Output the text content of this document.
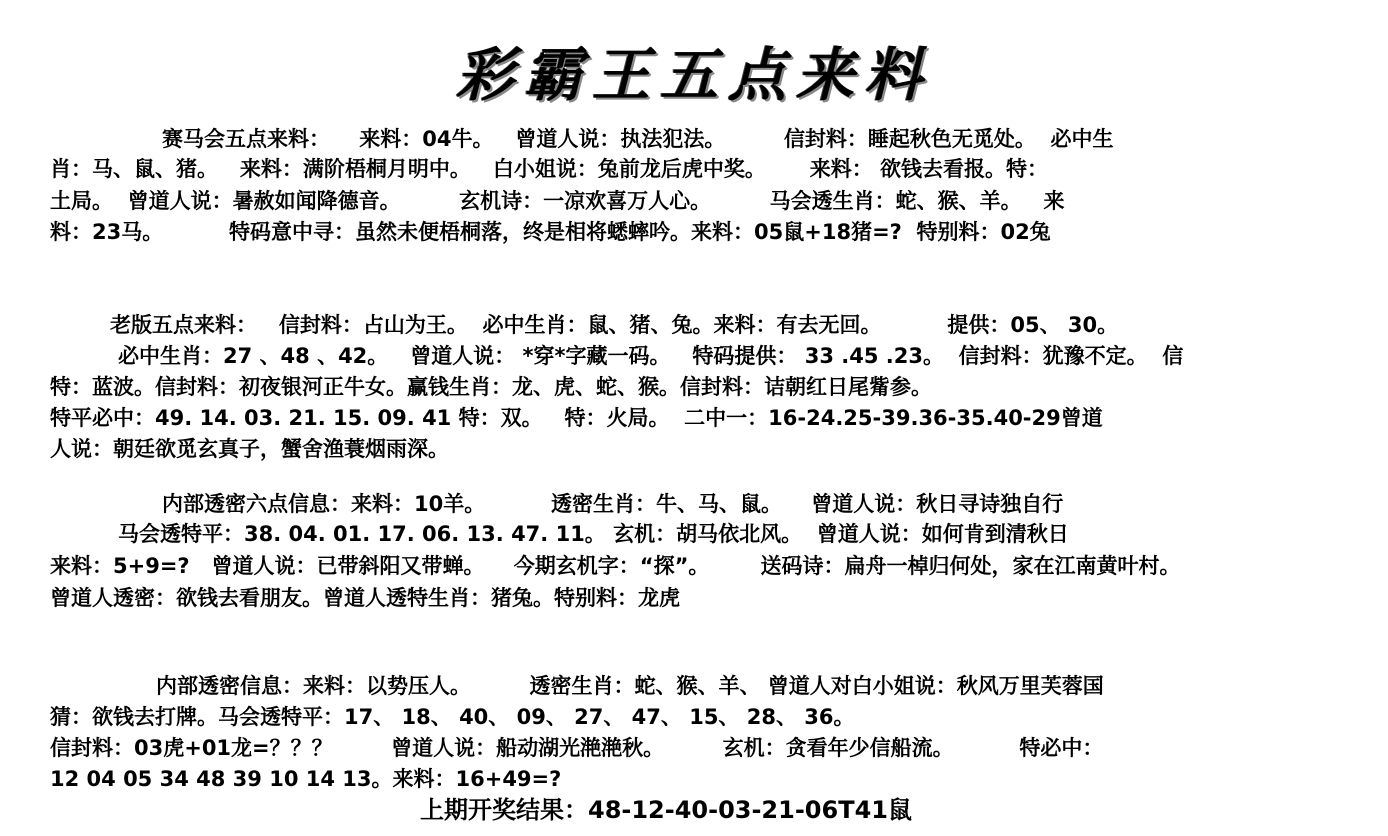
彩霸王五点来料
赛马会五点来料：    来料：04牛。   曾道人说：执法犯法。        信封料：睡起秋色无觅处。  必中生
肖：马、鼠、猪。   来料：满阶梧桐月明中。   白小姐说：兔前龙后虎中奖。      来料： 欲钱去看报。特：
土局。  曾道人说：暑赦如闻降德音。        玄机诗：一凉欢喜万人心。        马会透生肖：蛇、猴、羊。   来
料：23马。         特码意中寻：虽然未便梧桐落，终是相将蟋蟀吟。来料：05鼠+18猪=?  特别料：02兔
老版五点来料：   信封料：占山为王。  必中生肖：鼠、猪、兔。来料：有去无回。         提供：05、 30。
必中生肖：27 、48 、42。   曾道人说： *穿*字藏一码。   特码提供： 33 .45 .23。  信封料：犹豫不定。  信
特：蓝波。信封料：初夜银河正牛女。赢钱生肖：龙、虎、蛇、猴。信封料：诘朝红日尾觜参。
特平必中：49. 14. 03. 21. 15. 09. 41 特：双。   特：火局。  二中一：16-24.25-39.36-35.40-29曾道
人说：朝廷欲觅玄真子，蟹舍渔蓑烟雨深。
内部透密六点信息：来料：10羊。         透密生肖：牛、马、鼠。    曾道人说：秋日寻诗独自行
马会透特平：38. 04. 01. 17. 06. 13. 47. 11。 玄机：胡马依北风。  曾道人说：如何肯到清秋日
来料：5+9=?   曾道人说：已带斜阳又带蝉。    今期玄机字：“探”。       送码诗：扁舟一棹归何处，家在江南黄叶村。
曾道人透密：欲钱去看朋友。曾道人透特生肖：猪兔。特别料：龙虎
内部透密信息：来料：以势压人。        透密生肖：蛇、猴、羊、 曾道人对白小姐说：秋风万里芙蓉国
猜：欲钱去打牌。马会透特平：17、 18、 40、 09、 27、 47、 15、 28、 36。
信封料：03虎+01龙=？？？        曾道人说：船动湖光滟滟秋。        玄机：贪看年少信船流。         特必中：
12 04 05 34 48 39 10 14 13。来料：16+49=?
上期开奖结果：48-12-40-03-21-06T41鼠
